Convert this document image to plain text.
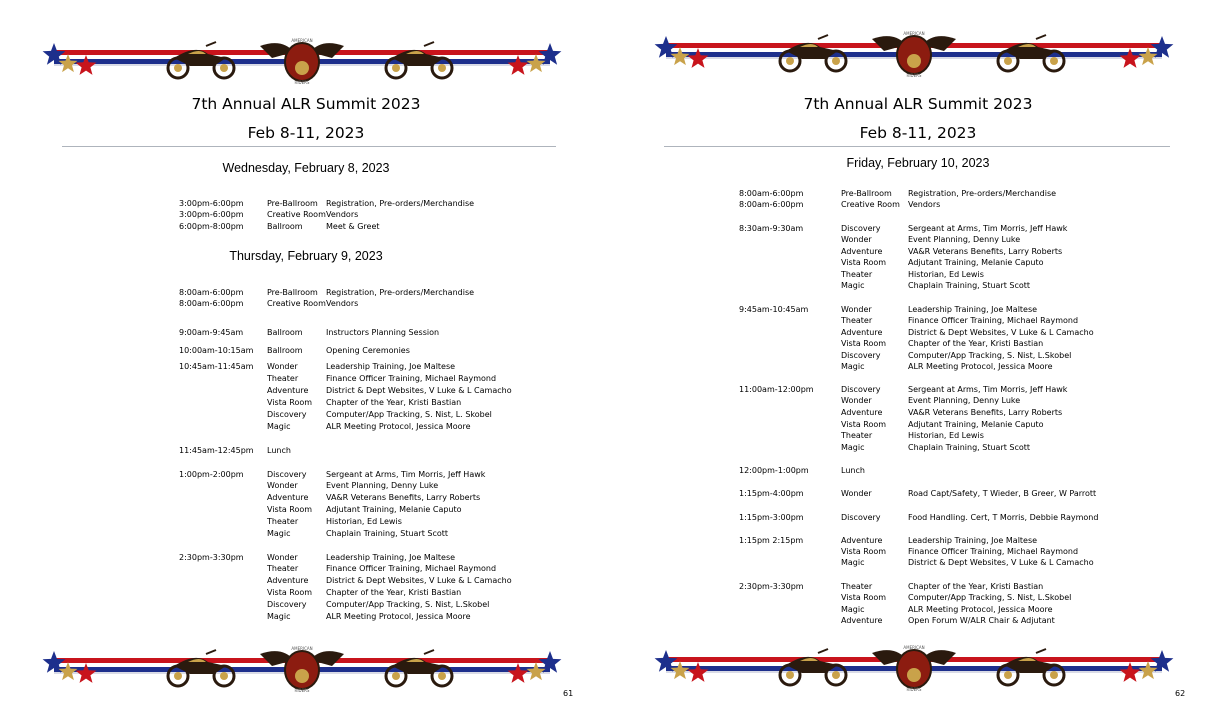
AMERICAN
RIDERS
AMERICAN
RIDERS
7th Annual ALR Summit 2023
Feb 8-11, 2023
Wednesday, February 8, 2023
3:00pm-6:00pm	Pre-Ballroom Registration, Pre-orders/Merchandise
3:00pm-6:00pm	Creative Room Vendors
6:00pm-8:00pm	Ballroom	Meet & Greet
Thursday, February 9, 2023
8:00am-6:00pm	Pre-Ballroom Registration, Pre-orders/Merchandise
8:00am-6:00pm	Creative Room Vendors
9:00am-9:45am	Ballroom	Instructors Planning Session
10:00am-10:15am Ballroom	Opening Ceremonies
10:45am-11:45am Wonder	Leadership Training, Joe Maltese
Theater	Finance Officer Training, Michael Raymond
Adventure District & Dept Websites, V Luke & L Camacho
Vista Room Chapter of the Year, Kristi Bastian
Discovery Computer/App Tracking, S. Nist, L. Skobel
Magic	ALR Meeting Protocol, Jessica Moore
11:45am-12:45pm Lunch
1:00pm-2:00pm	Discovery Sergeant at Arms, Tim Morris, Jeff Hawk
Wonder	Event Planning, Denny Luke
Adventure VA&R Veterans Benefits, Larry Roberts
Vista Room Adjutant Training, Melanie Caputo
Theater	Historian, Ed Lewis
Magic	Chaplain Training, Stuart Scott
2:30pm-3:30pm	Wonder	Leadership Training, Joe Maltese
Theater	Finance Officer Training, Michael Raymond
Adventure District & Dept Websites, V Luke & L Camacho
Vista Room Chapter of the Year, Kristi Bastian
Discovery Computer/App Tracking, S. Nist, L.Skobel
Magic	ALR Meeting Protocol, Jessica Moore
61
AMERICAN
RIDERS
AMERICAN
RIDERS
7th Annual ALR Summit 2023
Feb 8-11, 2023
Friday, February 10, 2023
8:00am-6:00pm	Pre-Ballroom Registration, Pre-orders/Merchandise
8:00am-6:00pm	Creative Room Vendors
8:30am-9:30am	Discovery	Sergeant at Arms, Tim Morris, Jeff Hawk
Wonder	Event Planning, Denny Luke
Adventure	VA&R Veterans Benefits, Larry Roberts
Vista Room	Adjutant Training, Melanie Caputo
Theater	Historian, Ed Lewis
Magic	Chaplain Training, Stuart Scott
9:45am-10:45am	Wonder	Leadership Training, Joe Maltese
Theater	Finance Officer Training, Michael Raymond
Adventure	District & Dept Websites, V Luke & L Camacho
Vista Room	Chapter of the Year, Kristi Bastian
Discovery	Computer/App Tracking, S. Nist, L.Skobel
Magic	ALR Meeting Protocol, Jessica Moore
11:00am-12:00pm	Discovery	Sergeant at Arms, Tim Morris, Jeff Hawk
Wonder	Event Planning, Denny Luke
Adventure	VA&R Veterans Benefits, Larry Roberts
Vista Room	Adjutant Training, Melanie Caputo
Theater	Historian, Ed Lewis
Magic	Chaplain Training, Stuart Scott
12:00pm-1:00pm	Lunch
1:15pm-4:00pm	Wonder	Road Capt/Safety, T Wieder, B Greer, W Parrott
1:15pm-3:00pm	Discovery	Food Handling. Cert, T Morris, Debbie Raymond
1:15pm 2:15pm	Adventure	Leadership Training, Joe Maltese
Vista Room	Finance Officer Training, Michael Raymond
Magic	District & Dept Websites, V Luke & L Camacho
2:30pm-3:30pm	Theater	Chapter of the Year, Kristi Bastian
Vista Room	Computer/App Tracking, S. Nist, L.Skobel
Magic	ALR Meeting Protocol, Jessica Moore
Adventure	Open Forum W/ALR Chair & Adjutant
62
